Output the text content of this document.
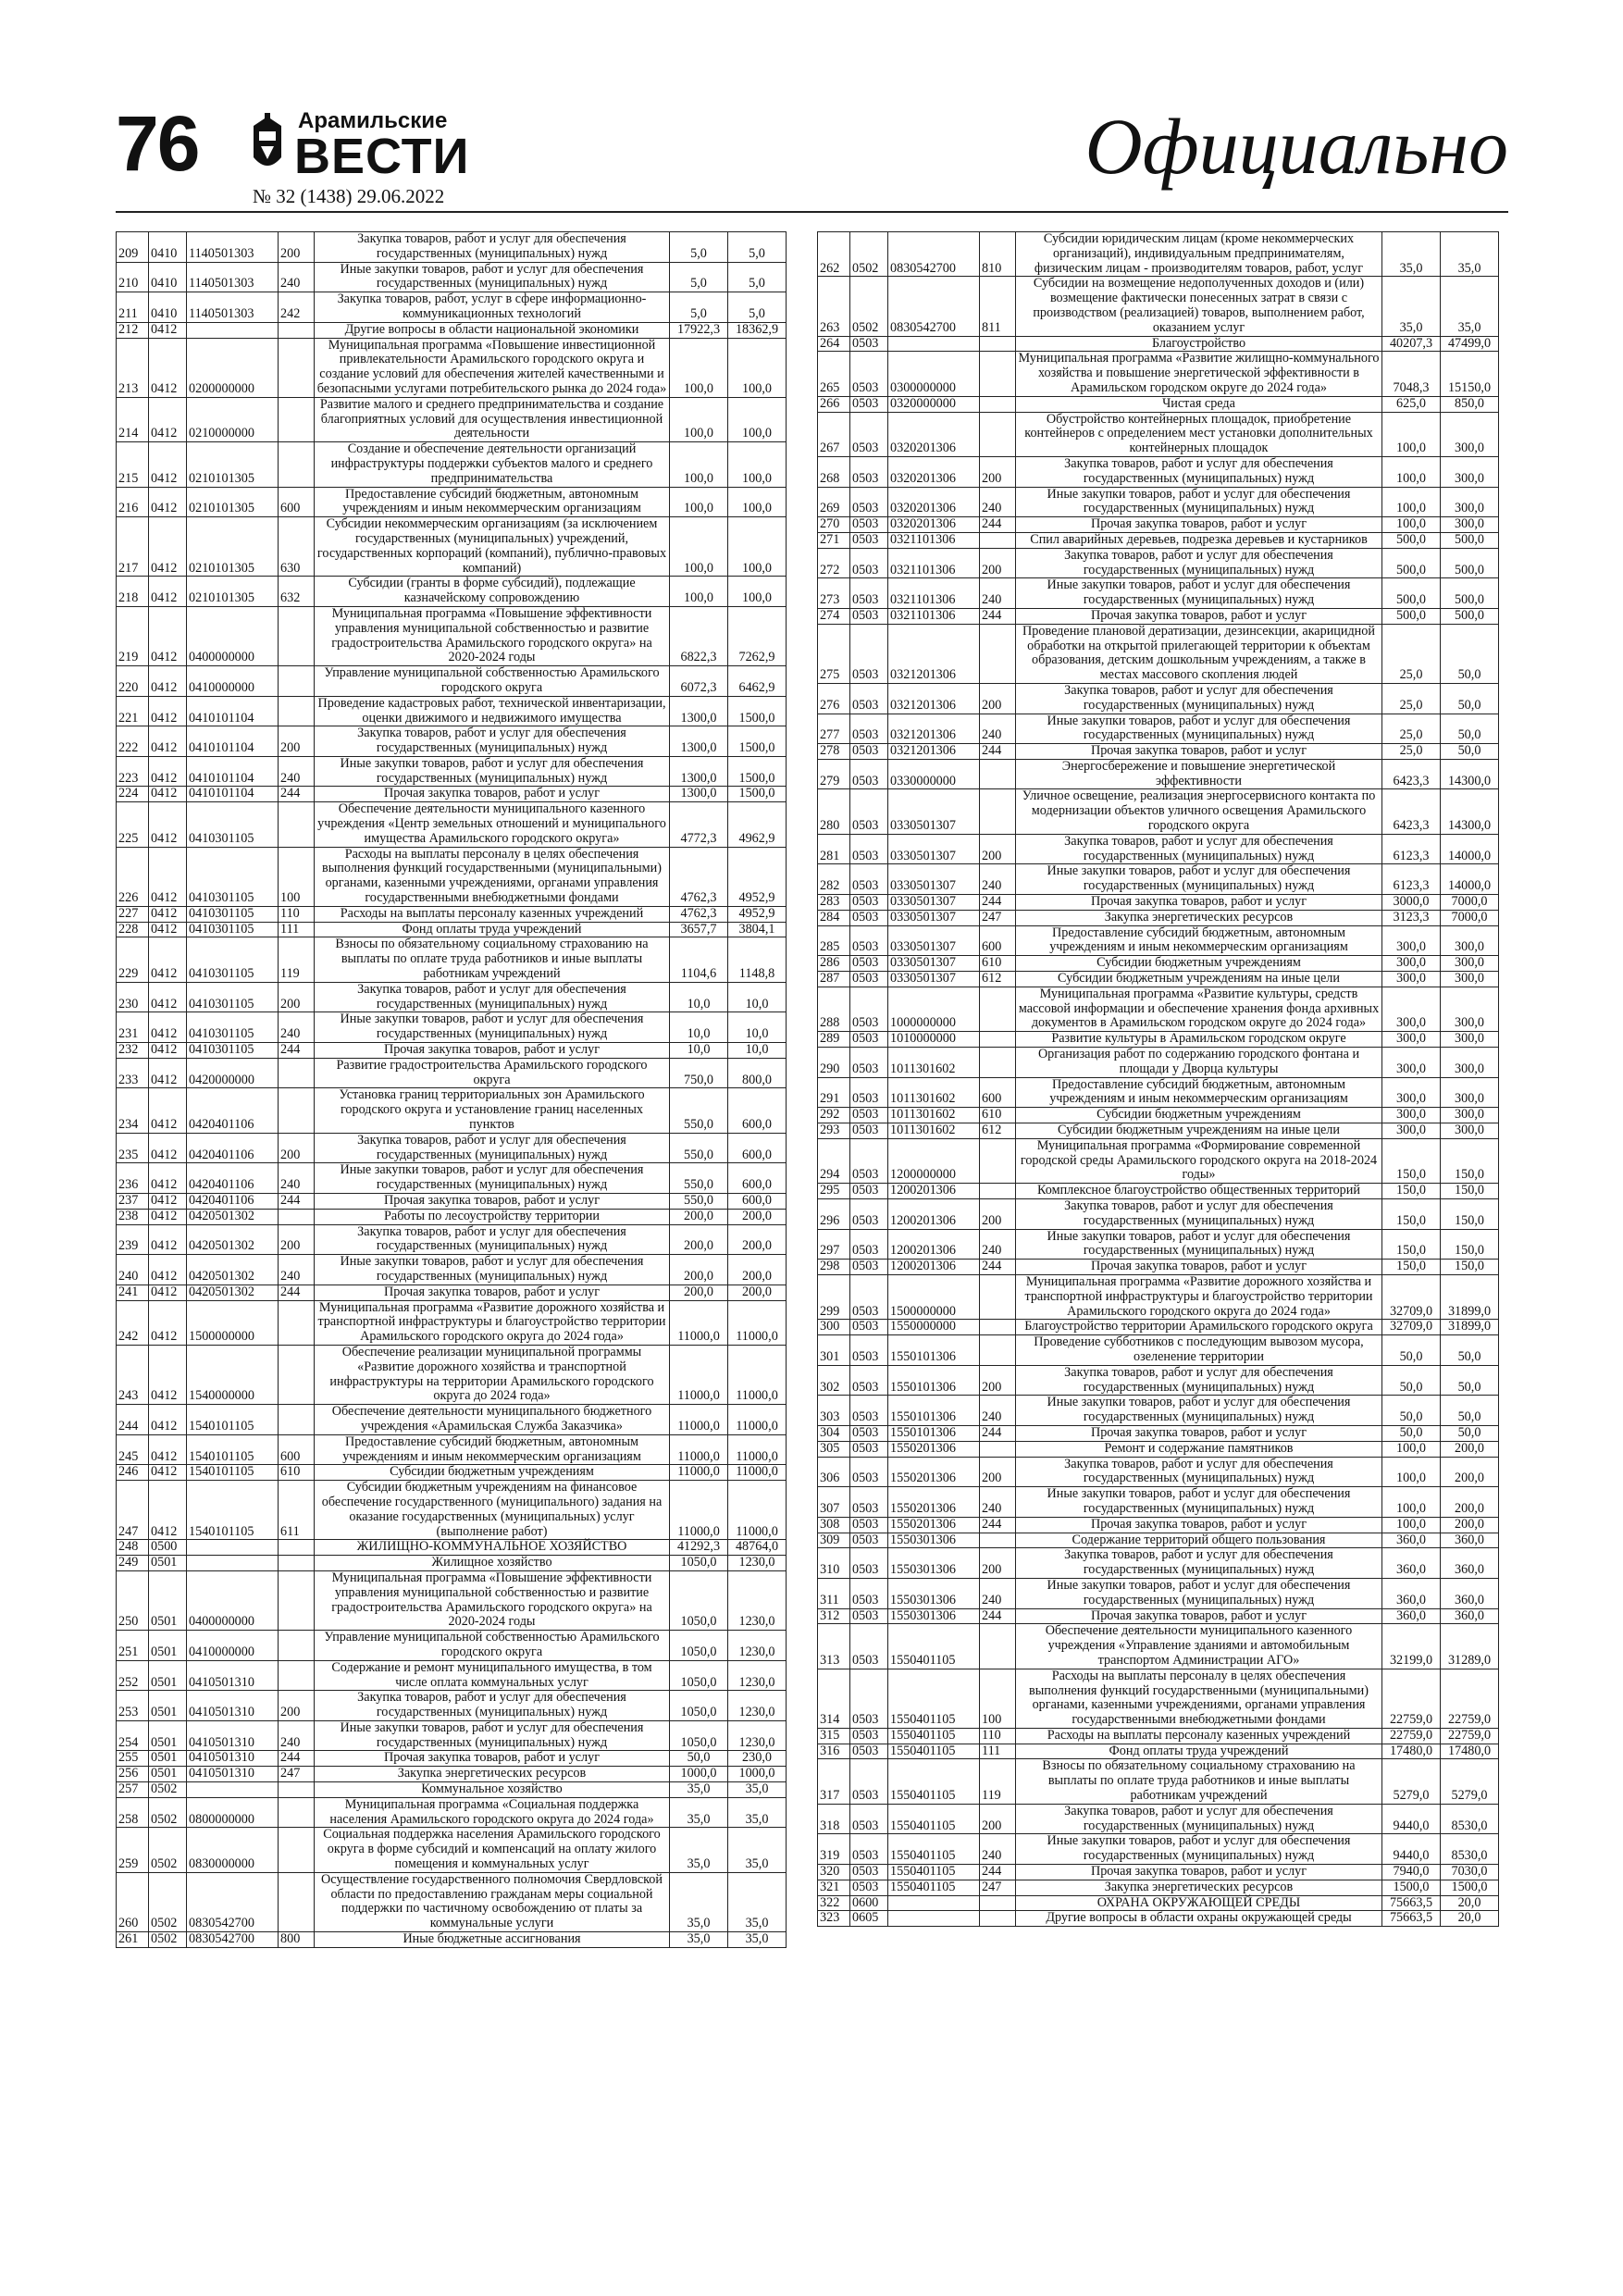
76	Арамильские
ВЕСТИ
№ 32 (1438) 29.06.2022
Официально
209	0410	1140501303	200	Закупка товаров, работ и услуг для обеспечения государственных (муниципальных) нужд	5,0	5,0
210	0410	1140501303	240	Иные закупки товаров, работ и услуг для обеспечения государственных (муниципальных) нужд	5,0	5,0
211	0410	1140501303	242	Закупка товаров, работ, услуг в сфере информационно-коммуникационных технологий	5,0	5,0
212	0412			Другие вопросы в области национальной экономики	17922,3	18362,9
213	0412	0200000000		Муниципальная программа «Повышение инвестиционной привлекательности Арамильского городского округа и создание условий для обеспечения жителей качественными и безопасными услугами потребительского рынка до 2024 года»	100,0	100,0
214	0412	0210000000		Развитие малого и среднего предпринимательства и создание благоприятных условий для осуществления инвестиционной деятельности	100,0	100,0
215	0412	0210101305		Создание и обеспечение деятельности организаций инфраструктуры поддержки субъектов малого и среднего предпринимательства	100,0	100,0
216	0412	0210101305	600	Предоставление субсидий бюджетным, автономным учреждениям и иным некоммерческим организациям	100,0	100,0
217	0412	0210101305	630	Субсидии некоммерческим организациям (за исключением государственных (муниципальных) учреждений, государственных корпораций (компаний), публично-правовых компаний)	100,0	100,0
218	0412	0210101305	632	Субсидии (гранты в форме субсидий), подлежащие казначейскому сопровождению	100,0	100,0
219	0412	0400000000		Муниципальная программа «Повышение эффективности управления муниципальной собственностью и развитие градостроительства Арамильского городского округа» на 2020-2024 годы	6822,3	7262,9
220	0412	0410000000		Управление муниципальной собственностью Арамильского городского округа	6072,3	6462,9
221	0412	0410101104		Проведение кадастровых работ, технической инвентаризации, оценки движимого и недвижимого имущества	1300,0	1500,0
222	0412	0410101104	200	Закупка товаров, работ и услуг для обеспечения государственных (муниципальных) нужд	1300,0	1500,0
223	0412	0410101104	240	Иные закупки товаров, работ и услуг для обеспечения государственных (муниципальных) нужд	1300,0	1500,0
224	0412	0410101104	244	Прочая закупка товаров, работ и услуг	1300,0	1500,0
225	0412	0410301105		Обеспечение деятельности муниципального казенного учреждения «Центр земельных отношений и муниципального имущества Арамильского городского округа»	4772,3	4962,9
226	0412	0410301105	100	Расходы на выплаты персоналу в целях обеспечения выполнения функций государственными (муниципальными) органами, казенными учреждениями, органами управления государственными внебюджетными фондами	4762,3	4952,9
227	0412	0410301105	110	Расходы на выплаты персоналу казенных учреждений	4762,3	4952,9
228	0412	0410301105	111	Фонд оплаты труда учреждений	3657,7	3804,1
229	0412	0410301105	119	Взносы по обязательному социальному страхованию на выплаты по оплате труда работников и иные выплаты работникам учреждений	1104,6	1148,8
230	0412	0410301105	200	Закупка товаров, работ и услуг для обеспечения государственных (муниципальных) нужд	10,0	10,0
231	0412	0410301105	240	Иные закупки товаров, работ и услуг для обеспечения государственных (муниципальных) нужд	10,0	10,0
232	0412	0410301105	244	Прочая закупка товаров, работ и услуг	10,0	10,0
233	0412	0420000000		Развитие градостроительства Арамильского городского округа	750,0	800,0
234	0412	0420401106		Установка границ территориальных зон Арамильского городского округа и установление границ населенных пунктов	550,0	600,0
235	0412	0420401106	200	Закупка товаров, работ и услуг для обеспечения государственных (муниципальных) нужд	550,0	600,0
236	0412	0420401106	240	Иные закупки товаров, работ и услуг для обеспечения государственных (муниципальных) нужд	550,0	600,0
237	0412	0420401106	244	Прочая закупка товаров, работ и услуг	550,0	600,0
238	0412	0420501302		Работы по лесоустройству территории	200,0	200,0
239	0412	0420501302	200	Закупка товаров, работ и услуг для обеспечения государственных (муниципальных) нужд	200,0	200,0
240	0412	0420501302	240	Иные закупки товаров, работ и услуг для обеспечения государственных (муниципальных) нужд	200,0	200,0
241	0412	0420501302	244	Прочая закупка товаров, работ и услуг	200,0	200,0
242	0412	1500000000		Муниципальная программа «Развитие дорожного хозяйства и транспортной инфраструктуры и благоустройство территории Арамильского городского округа до 2024 года»	11000,0	11000,0
243	0412	1540000000		Обеспечение реализации муниципальной программы «Развитие дорожного хозяйства и транспортной инфраструктуры на территории Арамильского городского округа до 2024 года»	11000,0	11000,0
244	0412	1540101105		Обеспечение деятельности муниципального бюджетного учреждения «Арамильская Служба Заказчика»	11000,0	11000,0
245	0412	1540101105	600	Предоставление субсидий бюджетным, автономным учреждениям и иным некоммерческим организациям	11000,0	11000,0
246	0412	1540101105	610	Субсидии бюджетным учреждениям	11000,0	11000,0
247	0412	1540101105	611	Субсидии бюджетным учреждениям на финансовое обеспечение государственного (муниципального) задания на оказание государственных (муниципальных) услуг (выполнение работ)	11000,0	11000,0
248	0500			ЖИЛИЩНО-КОММУНАЛЬНОЕ ХОЗЯЙСТВО	41292,3	48764,0
249	0501			Жилищное хозяйство	1050,0	1230,0
250	0501	0400000000		Муниципальная программа «Повышение эффективности управления муниципальной собственностью и развитие градостроительства Арамильского городского округа» на 2020-2024 годы	1050,0	1230,0
251	0501	0410000000		Управление муниципальной собственностью Арамильского городского округа	1050,0	1230,0
252	0501	0410501310		Содержание и ремонт муниципального имущества, в том числе оплата коммунальных услуг	1050,0	1230,0
253	0501	0410501310	200	Закупка товаров, работ и услуг для обеспечения государственных (муниципальных) нужд	1050,0	1230,0
254	0501	0410501310	240	Иные закупки товаров, работ и услуг для обеспечения государственных (муниципальных) нужд	1050,0	1230,0
255	0501	0410501310	244	Прочая закупка товаров, работ и услуг	50,0	230,0
256	0501	0410501310	247	Закупка энергетических ресурсов	1000,0	1000,0
257	0502			Коммунальное хозяйство	35,0	35,0
258	0502	0800000000		Муниципальная программа «Социальная поддержка населения Арамильского городского округа до 2024 года»	35,0	35,0
259	0502	0830000000		Социальная поддержка населения Арамильского городского округа в форме субсидий и компенсаций на оплату жилого помещения и коммунальных услуг	35,0	35,0
260	0502	0830542700		Осуществление государственного полномочия Свердловской области по предоставлению гражданам меры социальной поддержки по частичному освобождению от платы за коммунальные услуги	35,0	35,0
261	0502	0830542700	800	Иные бюджетные ассигнования	35,0	35,0
262	0502	0830542700	810	Субсидии юридическим лицам (кроме некоммерческих организаций), индивидуальным предпринимателям, физическим лицам - производителям товаров, работ, услуг	35,0	35,0
263	0502	0830542700	811	Субсидии на возмещение недополученных доходов и (или) возмещение фактически понесенных затрат в связи с производством (реализацией) товаров, выполнением работ, оказанием услуг	35,0	35,0
264	0503			Благоустройство	40207,3	47499,0
265	0503	0300000000		Муниципальная программа «Развитие жилищно-коммунального хозяйства и повышение энергетической эффективности в Арамильском городском округе до 2024 года»	7048,3	15150,0
266	0503	0320000000		Чистая среда	625,0	850,0
267	0503	0320201306		Обустройство контейнерных площадок, приобретение контейнеров с определением мест установки дополнительных контейнерных площадок	100,0	300,0
268	0503	0320201306	200	Закупка товаров, работ и услуг для обеспечения государственных (муниципальных) нужд	100,0	300,0
269	0503	0320201306	240	Иные закупки товаров, работ и услуг для обеспечения государственных (муниципальных) нужд	100,0	300,0
270	0503	0320201306	244	Прочая закупка товаров, работ и услуг	100,0	300,0
271	0503	0321101306		Спил аварийных деревьев, подрезка деревьев и кустарников	500,0	500,0
272	0503	0321101306	200	Закупка товаров, работ и услуг для обеспечения государственных (муниципальных) нужд	500,0	500,0
273	0503	0321101306	240	Иные закупки товаров, работ и услуг для обеспечения государственных (муниципальных) нужд	500,0	500,0
274	0503	0321101306	244	Прочая закупка товаров, работ и услуг	500,0	500,0
275	0503	0321201306		Проведение плановой дератизации, дезинсекции, акарицидной обработки на открытой прилегающей территории к объектам образования, детским дошкольным учреждениям, а также в местах массового скопления людей	25,0	50,0
276	0503	0321201306	200	Закупка товаров, работ и услуг для обеспечения государственных (муниципальных) нужд	25,0	50,0
277	0503	0321201306	240	Иные закупки товаров, работ и услуг для обеспечения государственных (муниципальных) нужд	25,0	50,0
278	0503	0321201306	244	Прочая закупка товаров, работ и услуг	25,0	50,0
279	0503	0330000000		Энергосбережение и повышение энергетической эффективности	6423,3	14300,0
280	0503	0330501307		Уличное освещение, реализация энергосервисного контакта по модернизации объектов уличного освещения Арамильского городского округа	6423,3	14300,0
281	0503	0330501307	200	Закупка товаров, работ и услуг для обеспечения государственных (муниципальных) нужд	6123,3	14000,0
282	0503	0330501307	240	Иные закупки товаров, работ и услуг для обеспечения государственных (муниципальных) нужд	6123,3	14000,0
283	0503	0330501307	244	Прочая закупка товаров, работ и услуг	3000,0	7000,0
284	0503	0330501307	247	Закупка энергетических ресурсов	3123,3	7000,0
285	0503	0330501307	600	Предоставление субсидий бюджетным, автономным учреждениям и иным некоммерческим организациям	300,0	300,0
286	0503	0330501307	610	Субсидии бюджетным учреждениям	300,0	300,0
287	0503	0330501307	612	Субсидии бюджетным учреждениям на иные цели	300,0	300,0
288	0503	1000000000		Муниципальная программа «Развитие культуры, средств массовой информации и обеспечение хранения фонда архивных документов в Арамильском городском округе до 2024 года»	300,0	300,0
289	0503	1010000000		Развитие культуры в Арамильском городском округе	300,0	300,0
290	0503	1011301602		Организация работ по содержанию городского фонтана и площади у Дворца культуры	300,0	300,0
291	0503	1011301602	600	Предоставление субсидий бюджетным, автономным учреждениям и иным некоммерческим организациям	300,0	300,0
292	0503	1011301602	610	Субсидии бюджетным учреждениям	300,0	300,0
293	0503	1011301602	612	Субсидии бюджетным учреждениям на иные цели	300,0	300,0
294	0503	1200000000		Муниципальная программа «Формирование современной городской среды Арамильского городского округа на 2018-2024 годы»	150,0	150,0
295	0503	1200201306		Комплексное благоустройство общественных территорий	150,0	150,0
296	0503	1200201306	200	Закупка товаров, работ и услуг для обеспечения государственных (муниципальных) нужд	150,0	150,0
297	0503	1200201306	240	Иные закупки товаров, работ и услуг для обеспечения государственных (муниципальных) нужд	150,0	150,0
298	0503	1200201306	244	Прочая закупка товаров, работ и услуг	150,0	150,0
299	0503	1500000000		Муниципальная программа «Развитие дорожного хозяйства и транспортной инфраструктуры и благоустройство территории Арамильского городского округа до 2024 года»	32709,0	31899,0
300	0503	1550000000		Благоустройство территории Арамильского городского округа	32709,0	31899,0
301	0503	1550101306		Проведение субботников с последующим вывозом мусора, озеленение территории	50,0	50,0
302	0503	1550101306	200	Закупка товаров, работ и услуг для обеспечения государственных (муниципальных) нужд	50,0	50,0
303	0503	1550101306	240	Иные закупки товаров, работ и услуг для обеспечения государственных (муниципальных) нужд	50,0	50,0
304	0503	1550101306	244	Прочая закупка товаров, работ и услуг	50,0	50,0
305	0503	1550201306		Ремонт и содержание памятников	100,0	200,0
306	0503	1550201306	200	Закупка товаров, работ и услуг для обеспечения государственных (муниципальных) нужд	100,0	200,0
307	0503	1550201306	240	Иные закупки товаров, работ и услуг для обеспечения государственных (муниципальных) нужд	100,0	200,0
308	0503	1550201306	244	Прочая закупка товаров, работ и услуг	100,0	200,0
309	0503	1550301306		Содержание территорий общего пользования	360,0	360,0
310	0503	1550301306	200	Закупка товаров, работ и услуг для обеспечения государственных (муниципальных) нужд	360,0	360,0
311	0503	1550301306	240	Иные закупки товаров, работ и услуг для обеспечения государственных (муниципальных) нужд	360,0	360,0
312	0503	1550301306	244	Прочая закупка товаров, работ и услуг	360,0	360,0
313	0503	1550401105		Обеспечение деятельности муниципального казенного учреждения «Управление зданиями и автомобильным транспортом Администрации АГО»	32199,0	31289,0
314	0503	1550401105	100	Расходы на выплаты персоналу в целях обеспечения выполнения функций государственными (муниципальными) органами, казенными учреждениями, органами управления государственными внебюджетными фондами	22759,0	22759,0
315	0503	1550401105	110	Расходы на выплаты персоналу казенных учреждений	22759,0	22759,0
316	0503	1550401105	111	Фонд оплаты труда учреждений	17480,0	17480,0
317	0503	1550401105	119	Взносы по обязательному социальному страхованию на выплаты по оплате труда работников и иные выплаты работникам учреждений	5279,0	5279,0
318	0503	1550401105	200	Закупка товаров, работ и услуг для обеспечения государственных (муниципальных) нужд	9440,0	8530,0
319	0503	1550401105	240	Иные закупки товаров, работ и услуг для обеспечения государственных (муниципальных) нужд	9440,0	8530,0
320	0503	1550401105	244	Прочая закупка товаров, работ и услуг	7940,0	7030,0
321	0503	1550401105	247	Закупка энергетических ресурсов	1500,0	1500,0
322	0600			ОХРАНА ОКРУЖАЮЩЕЙ СРЕДЫ	75663,5	20,0
323	0605			Другие вопросы в области охраны окружающей среды	75663,5	20,0
